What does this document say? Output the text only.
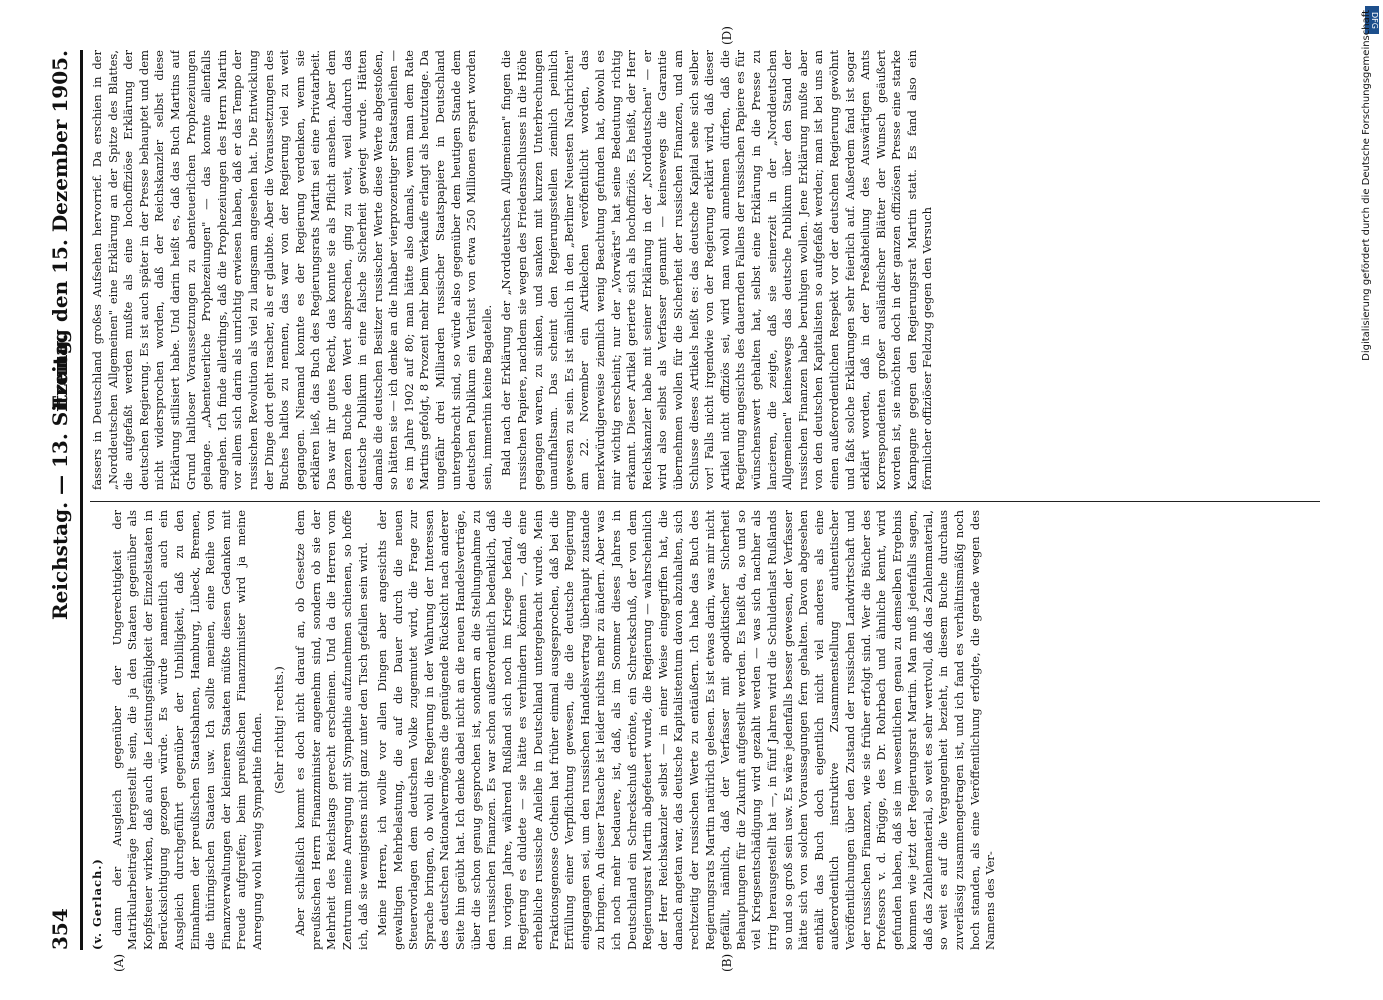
354
Reichstag. — 13. Sitzung.
Freitag den 15. Dezember 1905.

(v. Gerlach.) dann der Ausgleich gegenüber der Ungerechtigkeit der Matrikularbeiträge hergestellt sein, die ja den Staaten gegenüber als Kopfsteuer wirken, daß auch die Leistungsfähigkeit der Einzelstaaten in Berücksichtigung gezogen würde. Es würde namentlich auch ein Ausgleich durchgeführt gegenüber der Unbilligkeit, daß zu den Einnahmen der preußischen Staatsbahnen, Hamburg, Lübeck, Bremen, die thüringischen Staaten usw. Ich sollte meinen, eine Reihe von Finanzverwaltungen der kleineren Staaten müßte diesen Gedanken mit Freude aufgreifen; beim preußischen Finanzminister wird ja meine Anregung wohl wenig Sympathie finden. (Sehr richtig! rechts.) Aber schließlich kommt es doch nicht darauf an, ob Gesetze dem preußischen Herrn Finanzminister angenehm sind, sondern ob sie der Mehrheit des Reichstags gerecht erscheinen. Und da die Herren vom Zentrum meine Anregung mit Sympathie aufzunehmen schienen, so hoffe ich, daß sie wenigstens nicht ganz unter den Tisch gefallen sein wird. Meine Herren, ich wollte vor allen Dingen aber angesichts der gewaltigen Mehrbelastung, die auf die Dauer durch die neuen Steuervorlagen dem deutschen Volke zugemutet wird, die Frage zur Sprache bringen, ob wohl die Regierung in der Wahrung der Interessen des deutschen Nationalvermögens die genügende Rücksicht nach anderer Seite hin geübt hat. Ich denke dabei nicht an die neuen Handelsverträge, über die schon genug gesprochen ist, sondern an die Stellungnahme zu den russischen Finanzen. Es war schon außerordentlich bedenklich, daß im vorigen Jahre, während Rußland sich noch im Kriege befand, die Regierung es duldete — sie hätte es verhindern können —, daß eine erhebliche russische Anleihe in Deutschland untergebracht wurde. Mein Fraktionsgenosse Gothein hat früher einmal ausgesprochen, daß bei die Erfüllung einer Verpflichtung gewesen, die die deutsche Regierung eingegangen sei, um den russischen Handelsvertrag überhaupt zustande zu bringen. An dieser Tatsache ist leider nichts mehr zu ändern. Aber was ich noch mehr bedauere, ist, daß, als im Sommer dieses Jahres in Deutschland ein Schreckschuß ertönte, ein Schreckschuß, der von dem Regierungsrat Martin abgefeuert wurde, die Regierung — wahrscheinlich der Herr Reichskanzler selbst — in einer Weise eingegriffen hat, die danach angetan war, das deutsche Kapitalistentum davon abzuhalten, sich rechtzeitig der russischen Werte zu entäußern. Ich habe das Buch des Regierungsrats Martin natürlich gelesen. Es ist etwas darin, was mir nicht gefällt, nämlich, daß der Verfasser mit apodiktischer Sicherheit Behauptungen für die Zukunft aufgestellt werden. Es heißt da, so und so viel Kriegsentschädigung wird gezahlt werden — was sich nachher als irrig herausgestellt hat —, in fünf Jahren wird die Schuldenlast Rußlands so und so groß sein usw. Es wäre jedenfalls besser gewesen, der Verfasser hätte sich von solchen Voraussagungen fern gehalten. Davon abgesehen enthält das Buch doch eigentlich nicht viel anderes als eine außerordentlich instruktive Zusammenstellung authentischer Veröffentlichungen über den Zustand der russischen Landwirtschaft und der russischen Finanzen, wie sie früher erfolgt sind. Wer die Bücher des Professors v. d. Brügge, des Dr. Rohrbach und ähnliche kennt, wird gefunden haben, daß sie im wesentlichen genau zu demselben Ergebnis kommen wie jetzt der Regierungsrat Martin. Man muß jedenfalls sagen, daß das Zahlenmaterial, so weit es sehr wertvoll, daß das Zahlenmaterial, so weit es auf die Vergangenheit bezieht, in diesem Buche durchaus zuverlässig zusammengetragen ist, und ich fand es verhältnismäßig noch hoch standen, als eine Veröffentlichung erfolgte, die gerade wegen des Namens des Ver-

fassers in Deutschland großes Aufsehen hervorrief. Da erschien in der „Norddeutschen Allgemeinen" eine Erklärung an der Spitze des Blattes, die aufgefaßt werden mußte als eine hochoffiziöse Erklärung der deutschen Regierung. Es ist auch später in der Presse behauptet und dem nicht widersprochen worden, daß der Reichskanzler selbst diese Erklärung stilisiert habe. Und darin heißt es, daß das Buch Martins auf Grund haltloser Voraussetzungen zu abenteuerlichen Prophezeiungen gelange. „Abenteuerliche Prophezeiungen" — das konnte allenfalls angehen. Ich finde allerdings, daß die Prophezeiungen des Herrn Martin vor allem sich darin als unrichtig erwiesen haben, daß er das Tempo der russischen Revolution als viel zu langsam angesehen hat. Die Entwicklung der Dinge dort geht rascher, als er glaubte. Aber die Voraussetzungen des Buches haltlos zu nennen, das war von der Regierung viel zu weit gegangen. Niemand konnte es der Regierung verdenken, wenn sie erklären ließ, das Buch des Regierungsrats Martin sei eine Privatarbeit. Das war ihr gutes Recht, das konnte sie als Pflicht ansehen. Aber dem ganzen Buche den Wert absprechen, ging zu weit, weil dadurch das deutsche Publikum in eine falsche Sicherheit gewiegt wurde. Hätten damals die deutschen Besitzer russischer Werte diese Werte abgestoßen, so hätten sie — ich denke an die Inhaber vierprozentiger Staatsanleihen — es im Jahre 1902 auf 80; man hätte also damals, wenn man dem Rate Martins gefolgt, 8 Prozent mehr beim Verkaufe erlangt als heutzutage. Da ungefähr drei Milliarden russischer Staatspapiere in Deutschland untergebracht sind, so würde also gegenüber dem heutigen Stande dem deutschen Publikum ein Verlust von etwa 250 Millionen erspart worden sein, immerhin keine Bagatelle. Bald nach der Erklärung der „Norddeutschen Allgemeinen" fingen die russischen Papiere, nachdem sie wegen des Friedensschlusses in die Höhe gegangen waren, zu sinken, und sanken mit kurzen Unterbrechungen unaufhaltsam. Das scheint den Regierungsstellen ziemlich peinlich gewesen zu sein. Es ist nämlich in den „Berliner Neuesten Nachrichten" am 22. November ein Artikelchen veröffentlicht worden, das merkwürdigerweise ziemlich wenig Beachtung gefunden hat, obwohl es mir wichtig erscheint; nur der „Vorwärts" hat seine Bedeutung richtig erkannt. Dieser Artikel gerierte sich als hochoffiziös. Es heißt, der Herr Reichskanzler habe mit seiner Erklärung in der „Norddeutschen" — er wird also selbst als Verfasser genannt — keineswegs die Garantie übernehmen wollen für die Sicherheit der russischen Finanzen, und am Schlusse dieses Artikels heißt es: das deutsche Kapital sehe sich selber vor! Falls nicht irgendwie von der Regierung erklärt wird, daß dieser Artikel nicht offiziös sei, wird man wohl annehmen dürfen, daß die Regierung angesichts des dauernden Fallens der russischen Papiere es für wünschenswert gehalten hat, selbst eine Erklärung in die Presse zu lancieren, die zeigte, daß sie seinerzeit in der „Norddeutschen Allgemeinen" keineswegs das deutsche Publikum über den Stand der russischen Finanzen habe beruhigen wollen. Jene Erklärung mußte aber von den deutschen Kapitalisten so aufgefaßt werden; man ist bei uns an einen außerordentlichen Respekt vor der deutschen Regierung gewöhnt und faßt solche Erklärungen sehr feierlich auf. Außerdem fand ist sogar erklärt worden, daß in der Preßabteilung des Auswärtigen Amts Korrespondenten großer ausländischer Blätter der Wunsch geäußert worden ist, sie möchten doch in der ganzen offiziösen Presse eine starke Kampagne gegen den Regierungsrat Martin statt. Es fand also ein förmlicher offiziöser Feldzug gegen den Versuch

(A)	(B)
(D)
DFG
Digitalisierung gefördert durch die Deutsche Forschungsgemeinschaft
